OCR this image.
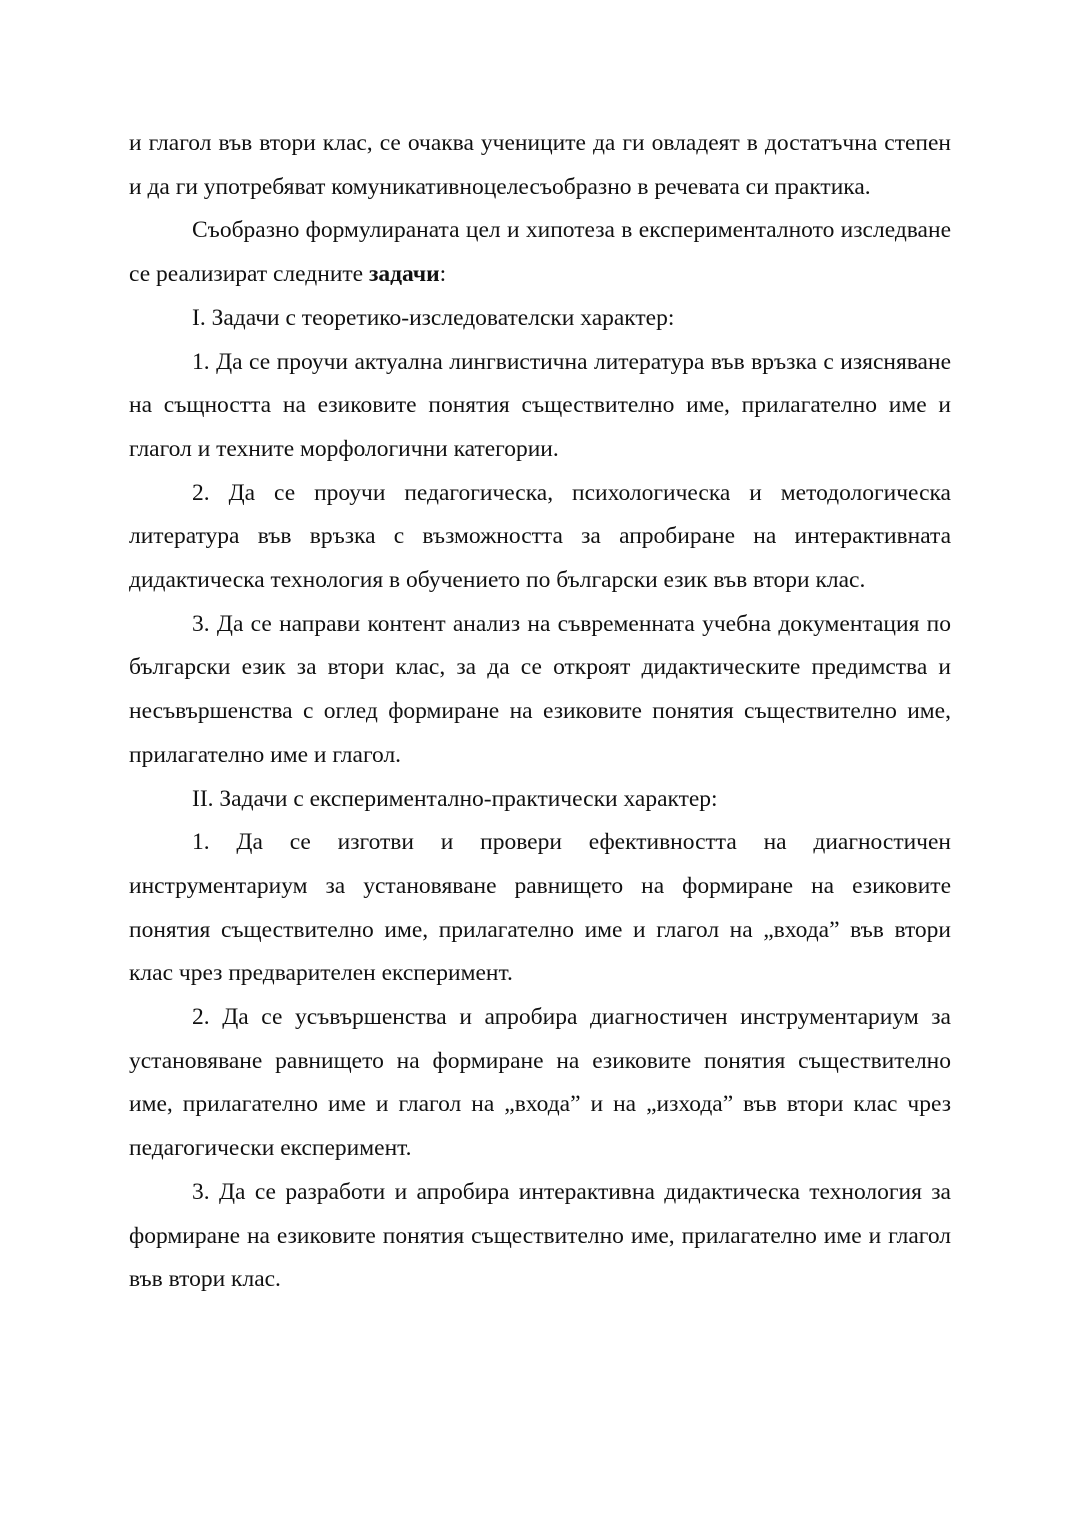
и глагол във втори клас, се очаква учениците да ги овладеят в достатъчна степен и да ги употребяват комуникативноцелесъобразно в речевата си практика.

Съобразно формулираната цел и хипотеза в експерименталното изследване се реализират следните задачи:

I. Задачи с теоретико-изследователски характер:

1. Да се проучи актуална лингвистична литература във връзка с изясняване на същността на езиковите понятия съществително име, прилагателно име и глагол и техните морфологични категории.

2. Да се проучи педагогическа, психологическа и методологическа литература във връзка с възможността за апробиране на интерактивната дидактическа технология в обучението по български език във втори клас.

3. Да се направи контент анализ на съвременната учебна документация по български език за втори клас, за да се откроят дидактическите предимства и несъвършенства с оглед формиране на езиковите понятия съществително име, прилагателно име и глагол.

II. Задачи с експериментално-практически характер:

1. Да се изготви и провери ефективността на диагностичен инструментариум за установяване равнището на формиране на езиковите понятия съществително име, прилагателно име и глагол на „входа” във втори клас чрез предварителен експеримент.

2. Да се усъвършенства и апробира диагностичен инструментариум за установяване равнището на формиране на езиковите понятия съществително име, прилагателно име и глагол на „входа” и на „изхода” във втори клас чрез педагогически експеримент.

3. Да се разработи и апробира интерактивна дидактическа технология за формиране на езиковите понятия съществително име, прилагателно име и глагол във втори клас.
